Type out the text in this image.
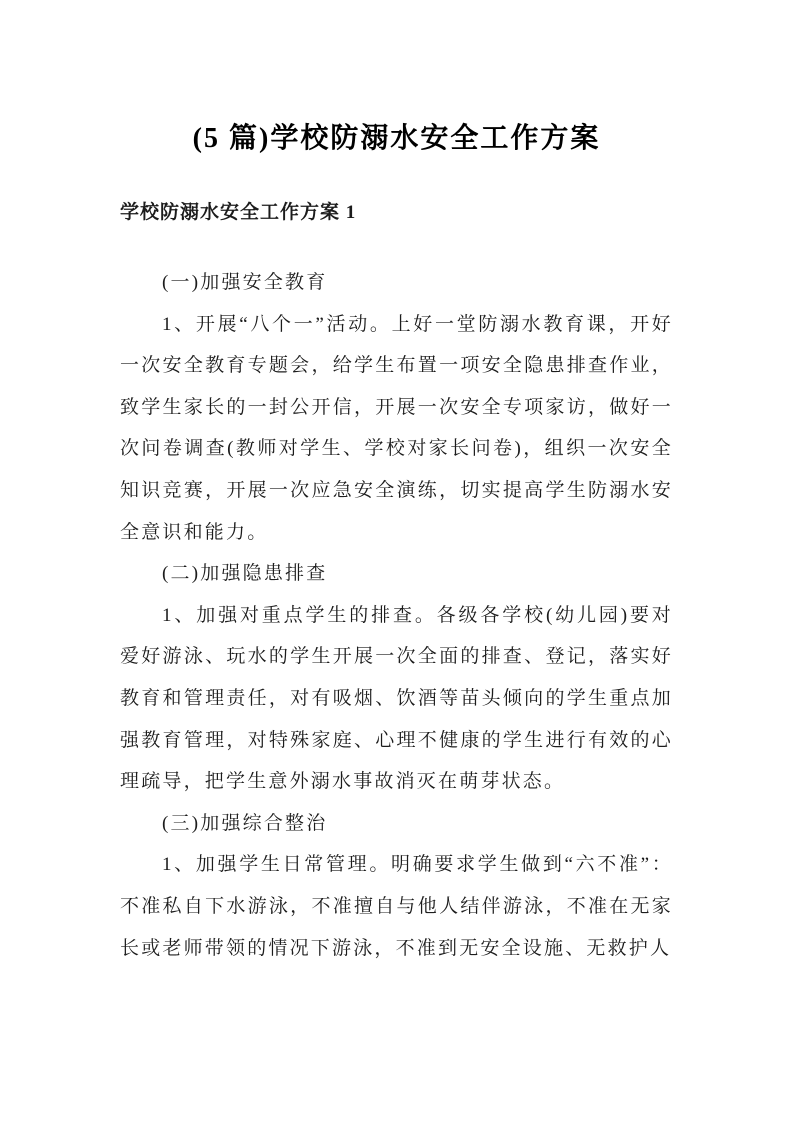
(5 篇)学校防溺水安全工作方案
学校防溺水安全工作方案 1

(一)加强安全教育

1、开展“八个一”活动。上好一堂防溺水教育课，开好一次安全教育专题会，给学生布置一项安全隐患排查作业，致学生家长的一封公开信，开展一次安全专项家访，做好一次问卷调查(教师对学生、学校对家长问卷)，组织一次安全知识竞赛，开展一次应急安全演练，切实提高学生防溺水安全意识和能力。

(二)加强隐患排查

1、加强对重点学生的排查。各级各学校(幼儿园)要对爱好游泳、玩水的学生开展一次全面的排查、登记，落实好教育和管理责任，对有吸烟、饮酒等苗头倾向的学生重点加强教育管理，对特殊家庭、心理不健康的学生进行有效的心理疏导，把学生意外溺水事故消灭在萌芽状态。

(三)加强综合整治

1、加强学生日常管理。明确要求学生做到“六不准”：不准私自下水游泳，不准擅自与他人结伴游泳，不准在无家长或老师带领的情况下游泳，不准到无安全设施、无救护人
